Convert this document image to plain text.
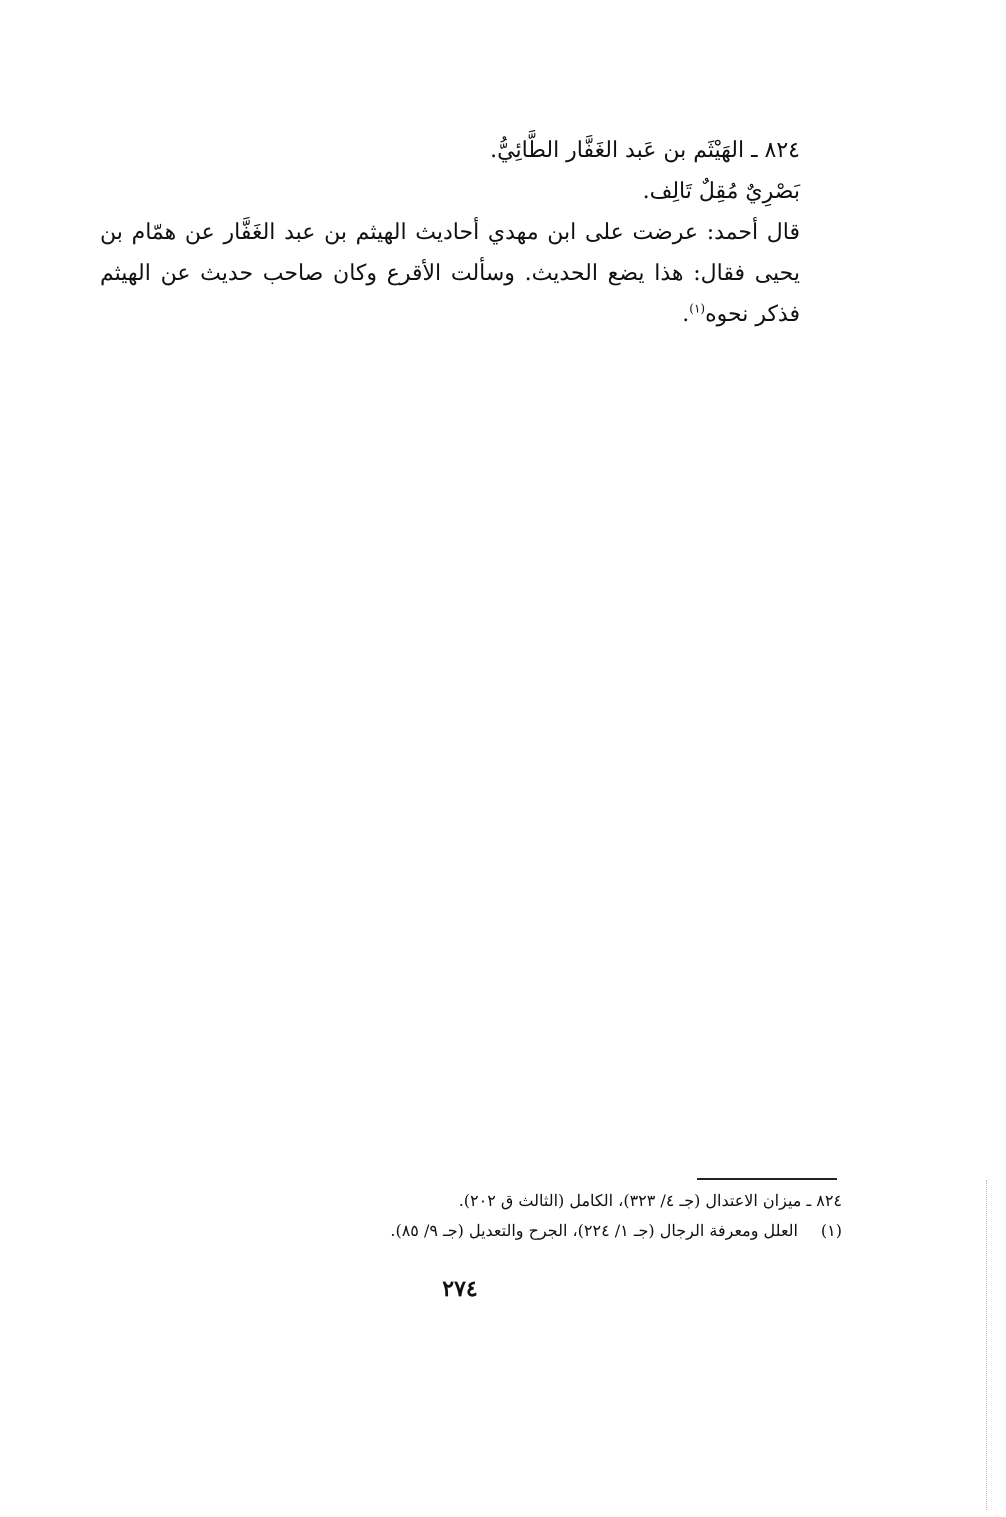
٨٢٤ ـ الهَيْثَم بن عَبد الغَفَّار الطَّائِيُّ.

بَصْرِيٌ مُقِلٌ تَالِف.

قال أحمد: عرضت على ابن مهدي أحاديث الهيثم بن عبد الغَفَّار عن همّام بن يحيى فقال: هذا يضع الحديث. وسألت الأقرع وكان صاحب حديث عن الهيثم فذكر نحوه$^{(١)}$.

٨٢٤ ـ ميزان الاعتدال (جـ ٤/ ٣٢٣)، الكامل (الثالث ق ٢٠٢).

(١)العلل ومعرفة الرجال (جـ ١/ ٢٢٤)، الجرح والتعديل (جـ ٩/ ٨٥).

٢٧٤
